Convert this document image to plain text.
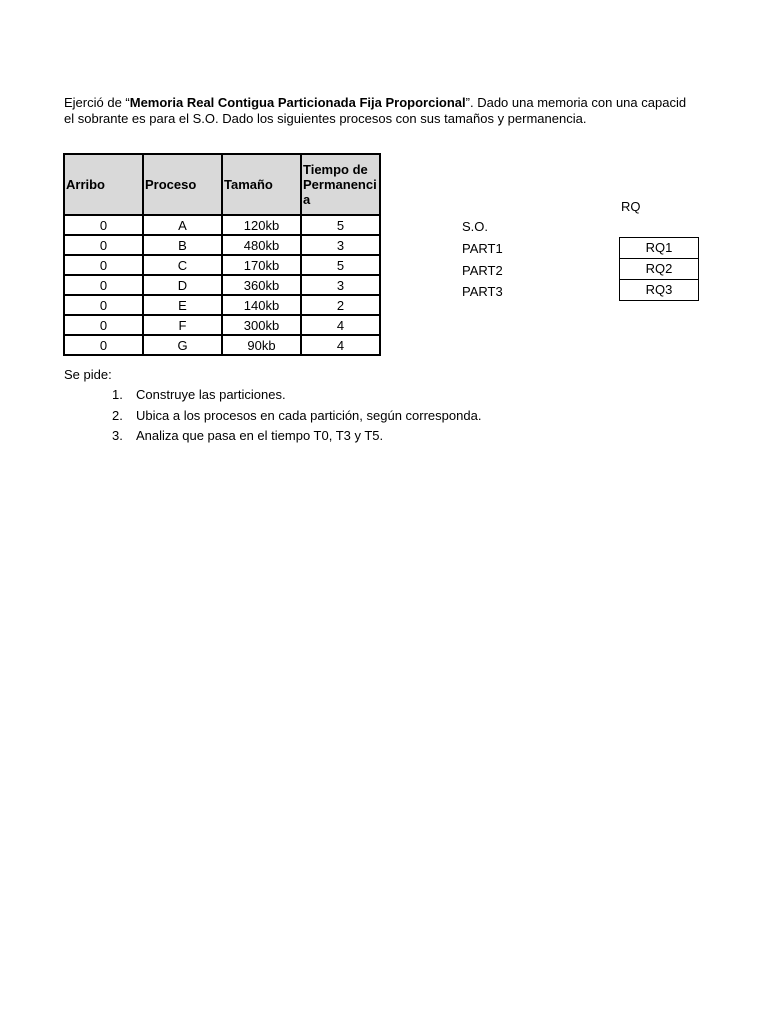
Ejerció de “Memoria Real Contigua Particionada Fija Proporcional”. Dado una memoria con una capacid
el sobrante es para el S.O. Dado los siguientes procesos con sus tamaños y permanencia.
Arribo	Proceso	Tamaño	Tiempo de
Permanenci
a
0	A	120kb	5
0	B	480kb	3
0	C	170kb	5
0	D	360kb	3
0	E	140kb	2
0	F	300kb	4
0	G	90kb	4
Se pide:
Construye las particiones.
Ubica a los procesos en cada partición, según corresponda.
Analiza que pasa en el tiempo T0, T3 y T5.
S.O.
PART1
PART2
PART3
RQ
RQ1
RQ2
RQ3
